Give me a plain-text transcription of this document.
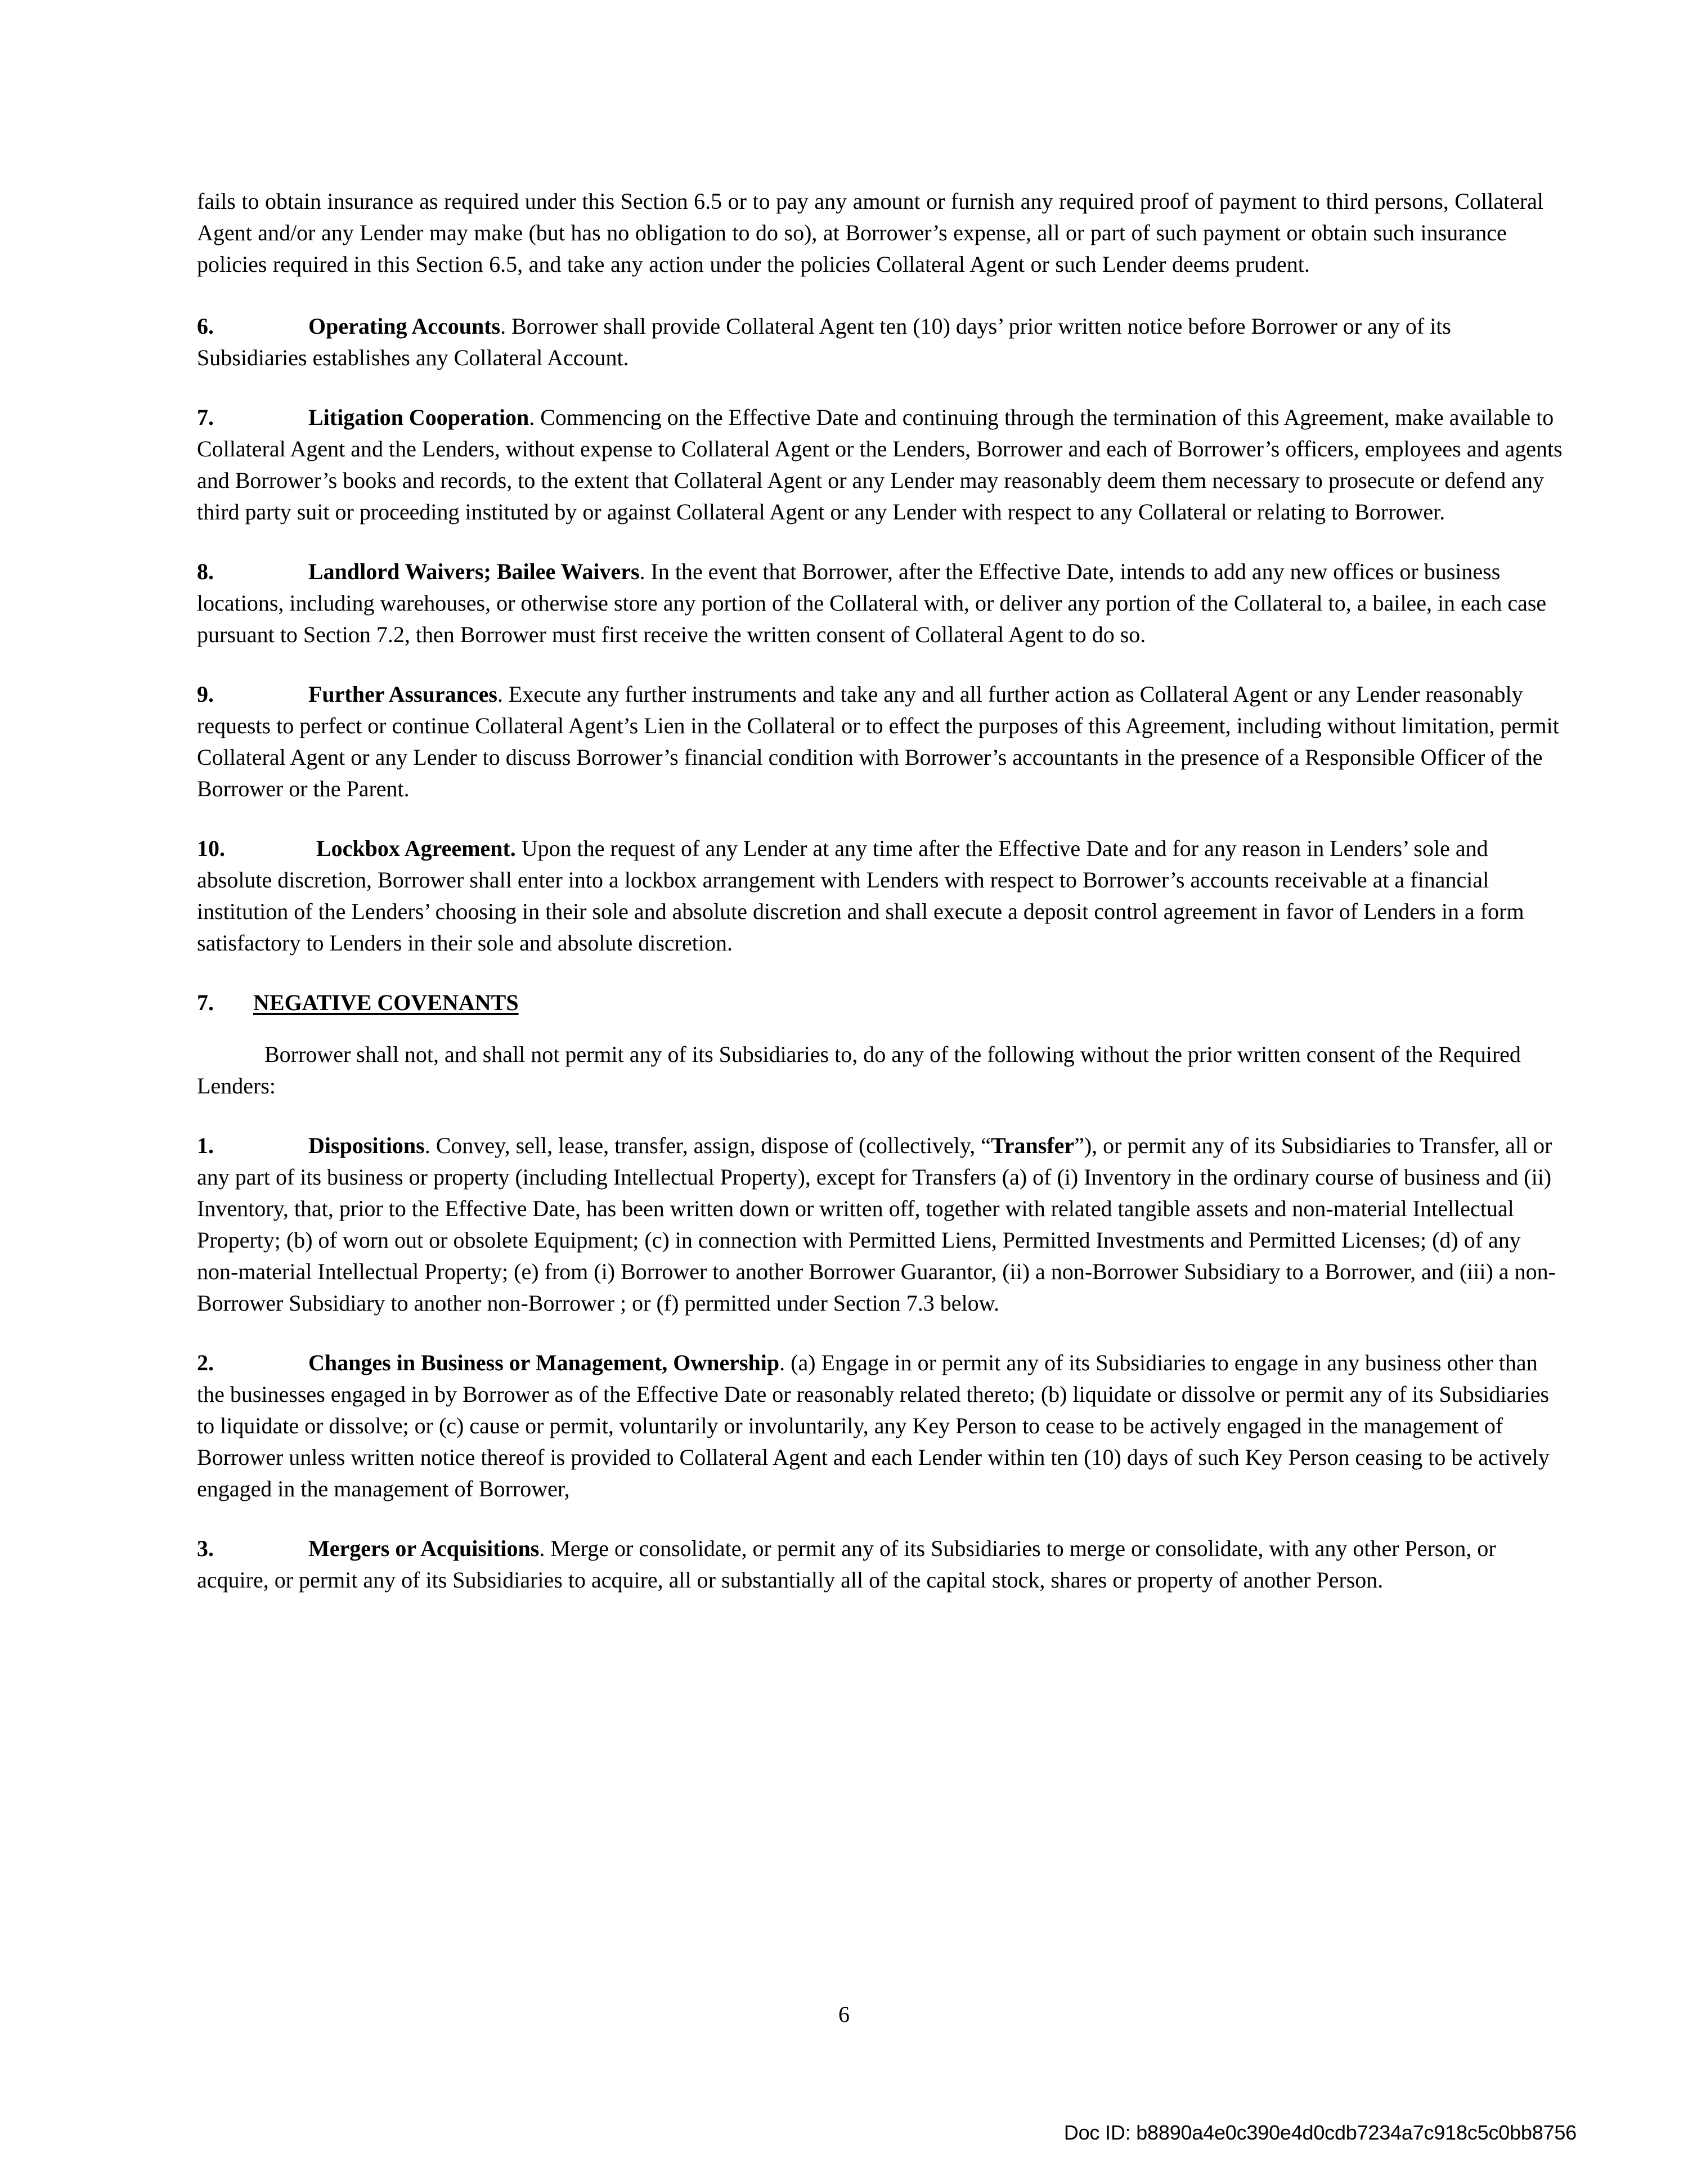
fails to obtain insurance as required under this Section 6.5 or to pay any amount or furnish any required proof of payment to third persons, Collateral Agent and/or any Lender may make (but has no obligation to do so), at Borrower’s expense, all or part of such payment or obtain such insurance policies required in this Section 6.5, and take any action under the policies Collateral Agent or such Lender deems prudent.

6.	Operating Accounts. Borrower shall provide Collateral Agent ten (10) days’ prior written notice before Borrower or any of its Subsidiaries establishes any Collateral Account.

7.	Litigation Cooperation. Commencing on the Effective Date and continuing through the termination of this Agreement, make available to Collateral Agent and the Lenders, without expense to Collateral Agent or the Lenders, Borrower and each of Borrower’s officers, employees and agents and Borrower’s books and records, to the extent that Collateral Agent or any Lender may reasonably deem them necessary to prosecute or defend any third party suit or proceeding instituted by or against Collateral Agent or any Lender with respect to any Collateral or relating to Borrower.

8.	Landlord Waivers; Bailee Waivers. In the event that Borrower, after the Effective Date, intends to add any new offices or business locations, including warehouses, or otherwise store any portion of the Collateral with, or deliver any portion of the Collateral to, a bailee, in each case pursuant to Section 7.2, then Borrower must first receive the written consent of Collateral Agent to do so.

9.	Further Assurances. Execute any further instruments and take any and all further action as Collateral Agent or any Lender reasonably requests to perfect or continue Collateral Agent’s Lien in the Collateral or to effect the purposes of this Agreement, including without limitation, permit Collateral Agent or any Lender to discuss Borrower’s financial condition with Borrower’s accountants in the presence of a Responsible Officer of the Borrower or the Parent.

10.	Lockbox Agreement. Upon the request of any Lender at any time after the Effective Date and for any reason in Lenders’ sole and absolute discretion, Borrower shall enter into a lockbox arrangement with Lenders with respect to Borrower’s accounts receivable at a financial institution of the Lenders’ choosing in their sole and absolute discretion and shall execute a deposit control agreement in favor of Lenders in a form satisfactory to Lenders in their sole and absolute discretion.

7. NEGATIVE COVENANTS

Borrower shall not, and shall not permit any of its Subsidiaries to, do any of the following without the prior written consent of the Required Lenders:

1.	Dispositions. Convey, sell, lease, transfer, assign, dispose of (collectively, “Transfer”), or permit any of its Subsidiaries to Transfer, all or any part of its business or property (including Intellectual Property), except for Transfers (a) of (i) Inventory in the ordinary course of business and (ii) Inventory, that, prior to the Effective Date, has been written down or written off, together with related tangible assets and non-material Intellectual Property; (b) of worn out or obsolete Equipment; (c) in connection with Permitted Liens, Permitted Investments and Permitted Licenses; (d) of any non-material Intellectual Property; (e) from (i) Borrower to another Borrower Guarantor, (ii) a non-Borrower Subsidiary to a Borrower, and (iii) a non-Borrower Subsidiary to another non-Borrower ; or (f) permitted under Section 7.3 below.

2.	Changes in Business or Management, Ownership. (a) Engage in or permit any of its Subsidiaries to engage in any business other than the businesses engaged in by Borrower as of the Effective Date or reasonably related thereto; (b) liquidate or dissolve or permit any of its Subsidiaries to liquidate or dissolve; or (c) cause or permit, voluntarily or involuntarily, any Key Person to cease to be actively engaged in the management of Borrower unless written notice thereof is provided to Collateral Agent and each Lender within ten (10) days of such Key Person ceasing to be actively engaged in the management of Borrower,

3.	Mergers or Acquisitions. Merge or consolidate, or permit any of its Subsidiaries to merge or consolidate, with any other Person, or acquire, or permit any of its Subsidiaries to acquire, all or substantially all of the capital stock, shares or property of another Person.

6
Doc ID: b8890a4e0c390e4d0cdb7234a7c918c5c0bb8756
